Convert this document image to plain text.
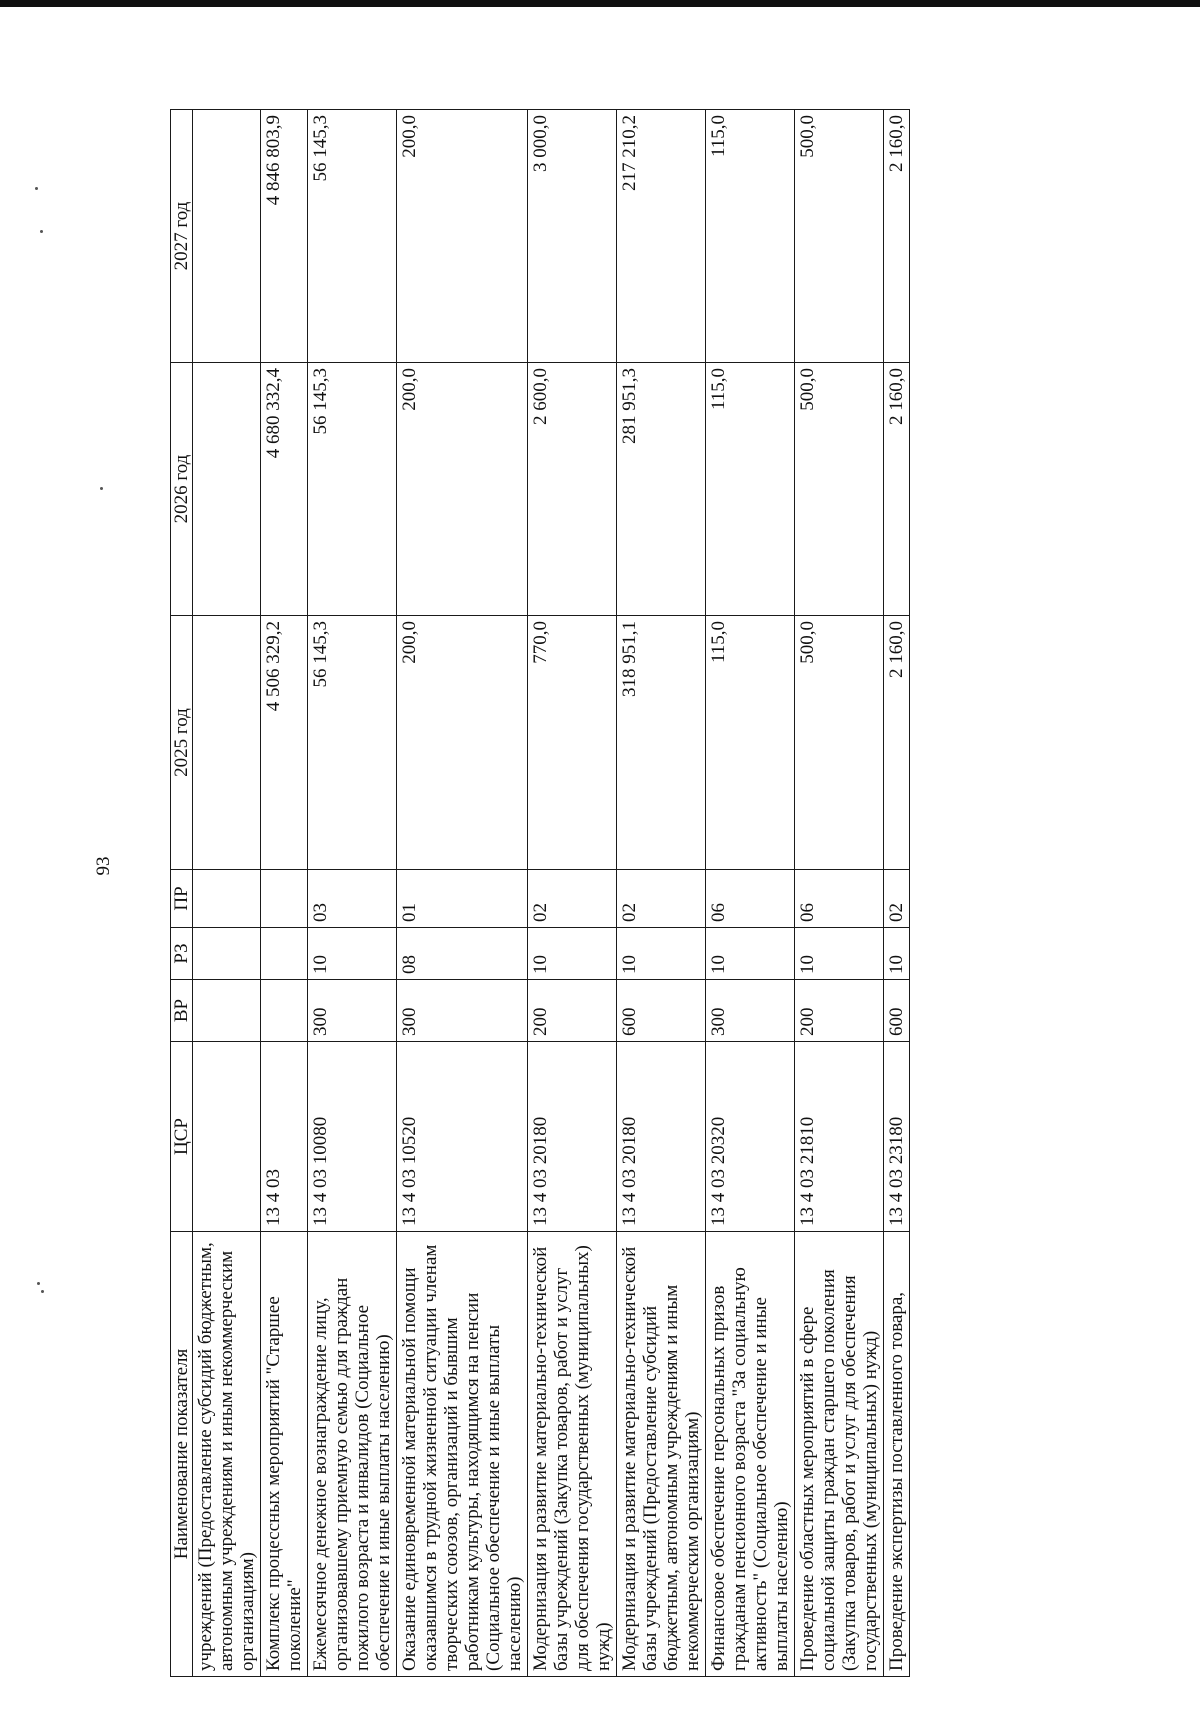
93
Наименование показателя	ЦСР	ВР	РЗ	ПР	2025 год	2026 год	2027 год
учреждений (Предоставление субсидий бюджетным, автономным учреждениям и иным некоммерческим организациям)							
Комплекс процессных мероприятий "Старшее поколение"	13 4 03				4 506 329,2	4 680 332,4	4 846 803,9
Ежемесячное денежное вознаграждение лицу, организовавшему приемную семью для граждан пожилого возраста и инвалидов (Социальное обеспечение и иные выплаты населению)	13 4 03 10080	300	10	03	56 145,3	56 145,3	56 145,3
Оказание единовременной материальной помощи оказавшимся в трудной жизненной ситуации членам творческих союзов, организаций и бывшим работникам культуры, находящимся на пенсии (Социальное обеспечение и иные выплаты населению)	13 4 03 10520	300	08	01	200,0	200,0	200,0
Модернизация и развитие материально-технической базы учреждений (Закупка товаров, работ и услуг для обеспечения государственных (муниципальных) нужд)	13 4 03 20180	200	10	02	770,0	2 600,0	3 000,0
Модернизация и развитие материально-технической базы учреждений (Предоставление субсидий бюджетным, автономным учреждениям и иным некоммерческим организациям)	13 4 03 20180	600	10	02	318 951,1	281 951,3	217 210,2
Финансовое обеспечение персональных призов гражданам пенсионного возраста "За социальную активность" (Социальное обеспечение и иные выплаты населению)	13 4 03 20320	300	10	06	115,0	115,0	115,0
Проведение областных мероприятий в сфере социальной защиты граждан старшего поколения (Закупка товаров, работ и услуг для обеспечения государственных (муниципальных) нужд)	13 4 03 21810	200	10	06	500,0	500,0	500,0
Проведение экспертизы поставленного товара,	13 4 03 23180	600	10	02	2 160,0	2 160,0	2 160,0
